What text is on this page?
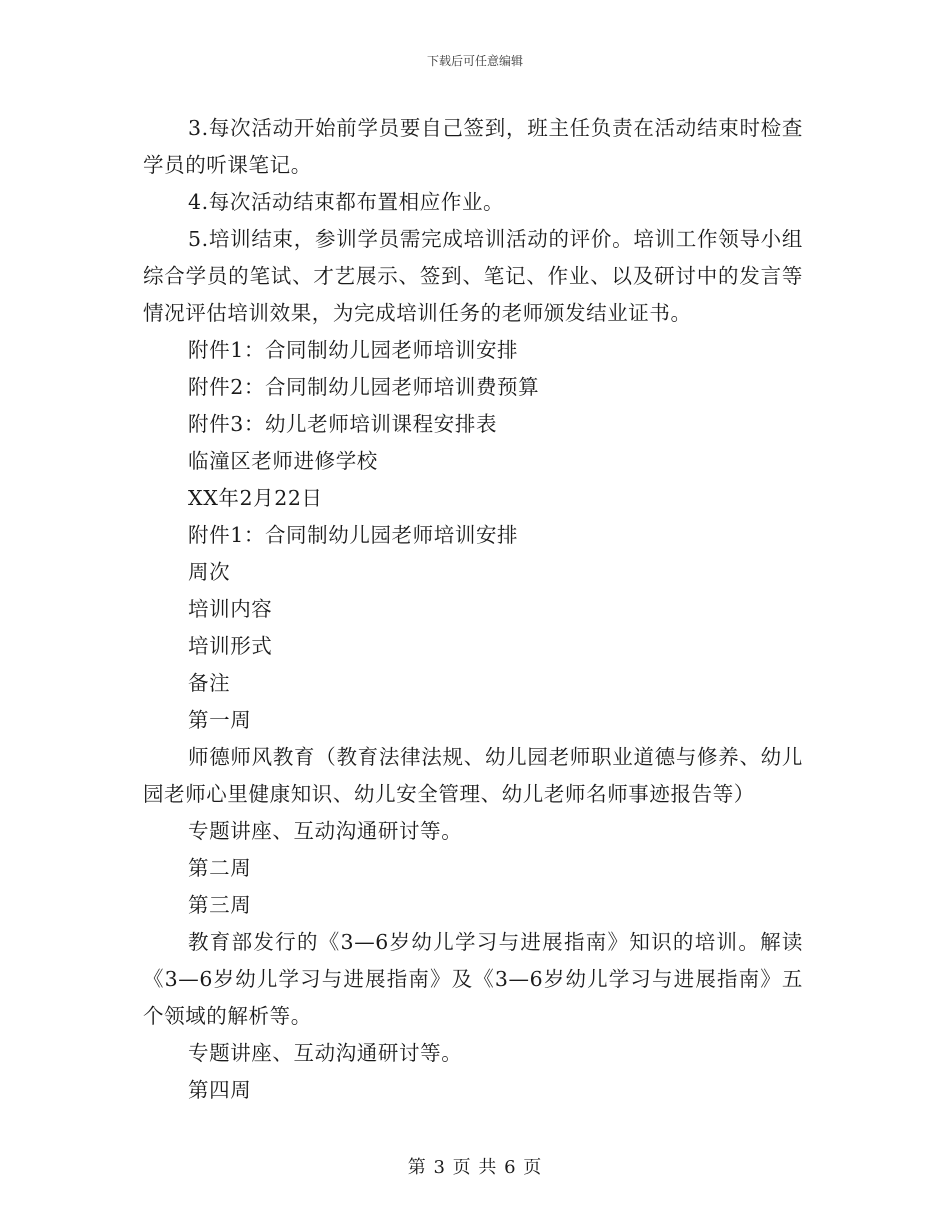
下载后可任意编辑

3.每次活动开始前学员要自己签到，班主任负责在活动结束时检查学员的听课笔记。

4.每次活动结束都布置相应作业。

5.培训结束，参训学员需完成培训活动的评价。培训工作领导小组综合学员的笔试、才艺展示、签到、笔记、作业、以及研讨中的发言等情况评估培训效果，为完成培训任务的老师颁发结业证书。

附件1：合同制幼儿园老师培训安排

附件2：合同制幼儿园老师培训费预算

附件3：幼儿老师培训课程安排表

临潼区老师进修学校

XX年2月22日

附件1：合同制幼儿园老师培训安排

周次

培训内容

培训形式

备注

第一周

师德师风教育（教育法律法规、幼儿园老师职业道德与修养、幼儿园老师心里健康知识、幼儿安全管理、幼儿老师名师事迹报告等）

专题讲座、互动沟通研讨等。

第二周

第三周

教育部发行的《3—6岁幼儿学习与进展指南》知识的培训。解读《3—6岁幼儿学习与进展指南》及《3—6岁幼儿学习与进展指南》五个领域的解析等。

专题讲座、互动沟通研讨等。

第四周

第 3 页 共 6 页
